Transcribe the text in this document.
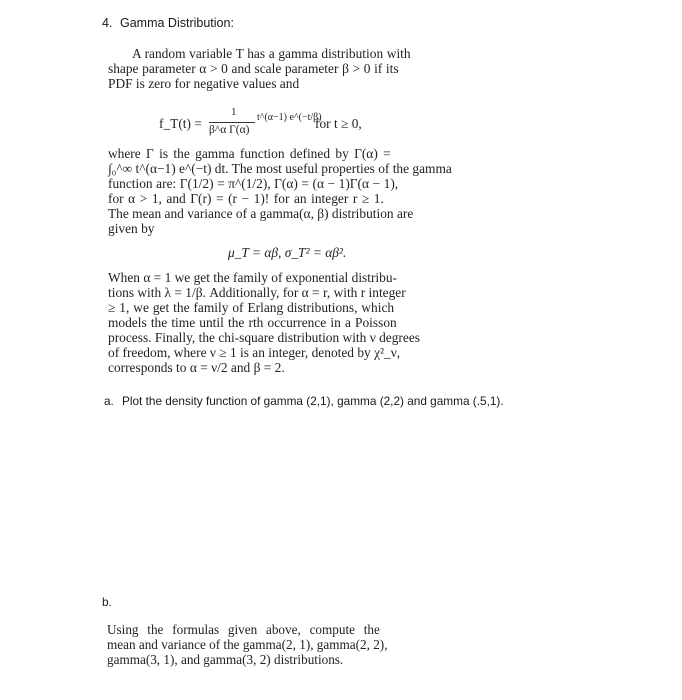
4. Gamma Distribution:
A random variable T has a gamma distribution with
shape parameter α > 0 and scale parameter β > 0 if its
PDF is zero for negative values and
f_T(t) =
1
β^α Γ(α)
t^(α−1) e^(−t/β)
for t ≥ 0,
where Γ is the gamma function defined by Γ(α) =
∫₀^∞ t^(α−1) e^(−t) dt. The most useful properties of the gamma
function are: Γ(1/2) = π^(1/2), Γ(α) = (α − 1)Γ(α − 1),
for α > 1, and Γ(r) = (r − 1)! for an integer r ≥ 1.
The mean and variance of a gamma(α, β) distribution are
given by
μ_T = αβ, σ_T² = αβ².
When α = 1 we get the family of exponential distribu-
tions with λ = 1/β. Additionally, for α = r, with r integer
≥ 1, we get the family of Erlang distributions, which
models the time until the rth occurrence in a Poisson
process. Finally, the chi-square distribution with ν degrees
of freedom, where ν ≥ 1 is an integer, denoted by χ²_ν,
corresponds to α = ν/2 and β = 2.
a. Plot the density function of gamma (2,1), gamma (2,2) and gamma (.5,1).
b.
Using the formulas given above, compute the
mean and variance of the gamma(2, 1), gamma(2, 2),
gamma(3, 1), and gamma(3, 2) distributions.
